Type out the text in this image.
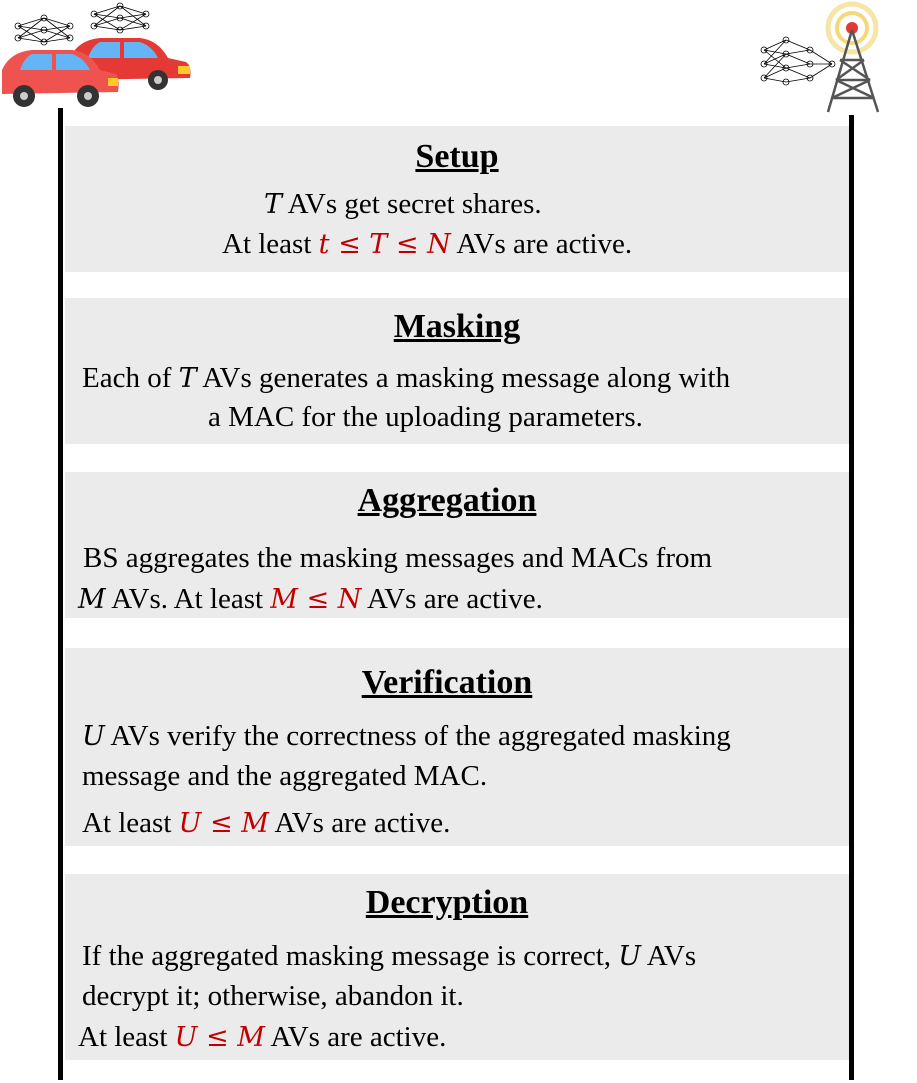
Setup
T AVs get secret shares.
At least t ≤ T ≤ N AVs are active.
Masking
Each of T AVs generates a masking message along with
a MAC for the uploading parameters.
Aggregation
BS aggregates the masking messages and MACs from
M AVs. At least M ≤ N AVs are active.
Verification
U AVs verify the correctness of the aggregated masking
message and the aggregated MAC.
At least U ≤ M AVs are active.
Decryption
If the aggregated masking message is correct, U AVs
decrypt it; otherwise, abandon it.
At least U ≤ M AVs are active.
